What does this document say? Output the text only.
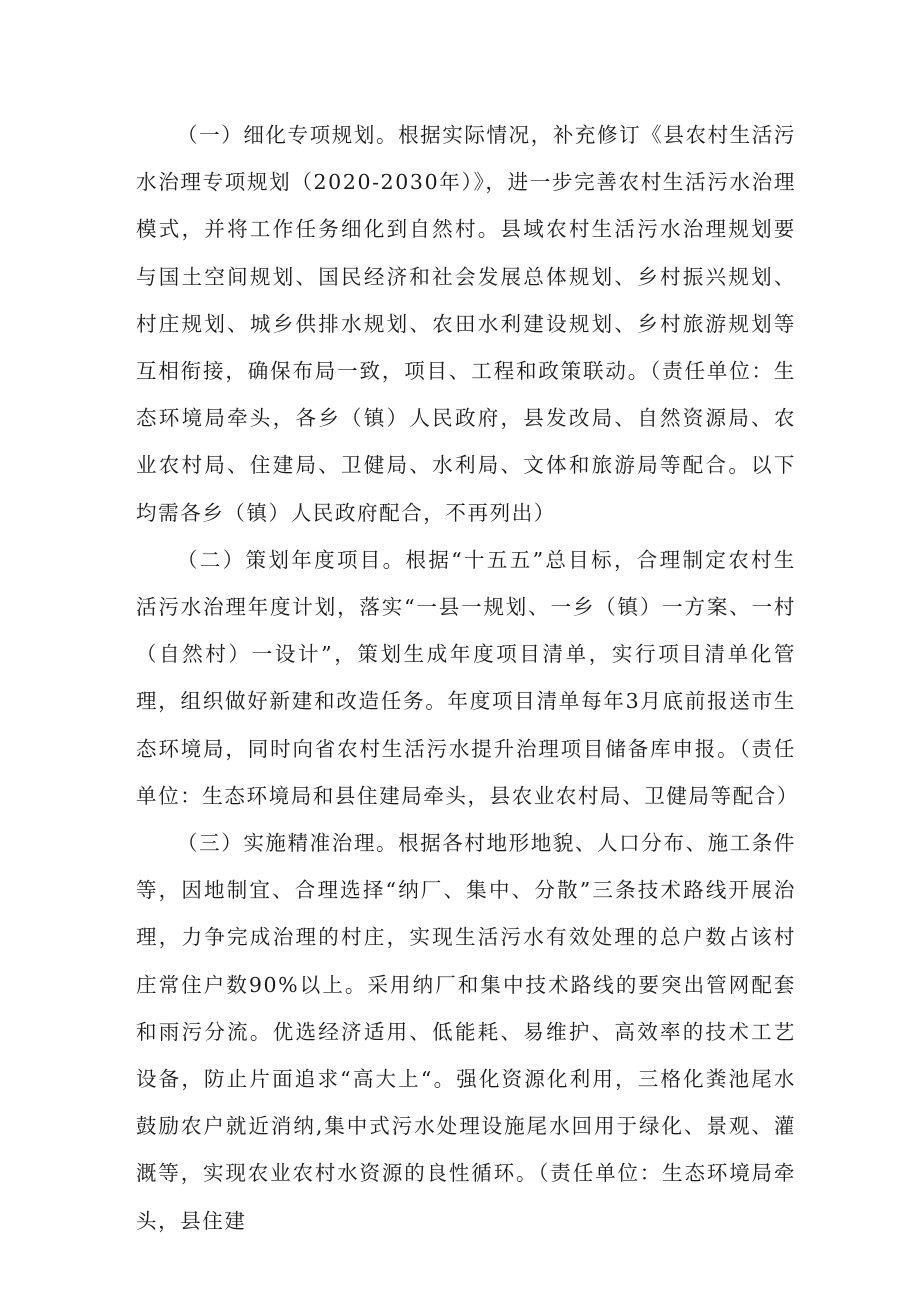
（一）细化专项规划。根据实际情况，补充修订《县农村生活污水治理专项规划（2020-2030年）》，进一步完善农村生活污水治理模式，并将工作任务细化到自然村。县域农村生活污水治理规划要与国土空间规划、国民经济和社会发展总体规划、乡村振兴规划、村庄规划、城乡供排水规划、农田水利建设规划、乡村旅游规划等互相衔接，确保布局一致，项目、工程和政策联动。（责任单位：生态环境局牵头，各乡（镇）人民政府，县发改局、自然资源局、农业农村局、住建局、卫健局、水利局、文体和旅游局等配合。以下均需各乡（镇）人民政府配合，不再列出）

（二）策划年度项目。根据“十五五”总目标，合理制定农村生活污水治理年度计划，落实“一县一规划、一乡（镇）一方案、一村（自然村）一设计”，策划生成年度项目清单，实行项目清单化管理，组织做好新建和改造任务。年度项目清单每年3月底前报送市生态环境局，同时向省农村生活污水提升治理项目储备库申报。（责任单位：生态环境局和县住建局牵头，县农业农村局、卫健局等配合）

（三）实施精准治理。根据各村地形地貌、人口分布、施工条件等，因地制宜、合理选择“纳厂、集中、分散”三条技术路线开展治理，力争完成治理的村庄，实现生活污水有效处理的总户数占该村庄常住户数90%以上。采用纳厂和集中技术路线的要突出管网配套和雨污分流。优选经济适用、低能耗、易维护、高效率的技术工艺设备，防止片面追求“高大上“。强化资源化利用，三格化粪池尾水鼓励农户就近消纳,集中式污水处理设施尾水回用于绿化、景观、灌溉等，实现农业农村水资源的良性循环。（责任单位：生态环境局牵头，县住建
